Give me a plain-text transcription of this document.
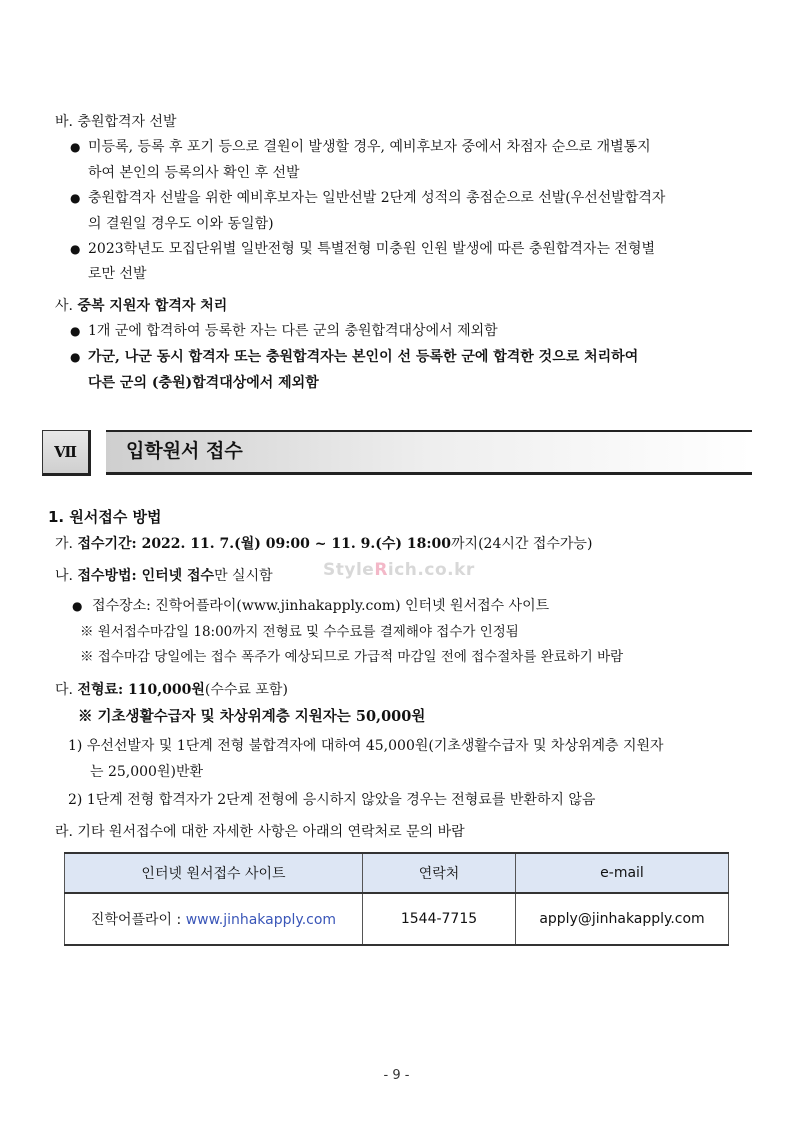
바. 충원합격자 선발
● 미등록, 등록 후 포기 등으로 결원이 발생할 경우, 예비후보자 중에서 차점자 순으로 개별통지
하여 본인의 등록의사 확인 후 선발
● 충원합격자 선발을 위한 예비후보자는 일반선발 2단계 성적의 총점순으로 선발(우선선발합격자
의 결원일 경우도 이와 동일함)
● 2023학년도 모집단위별 일반전형 및 특별전형 미충원 인원 발생에 따른 충원합격자는 전형별
로만 선발
사. 중복 지원자 합격자 처리
● 1개 군에 합격하여 등록한 자는 다른 군의 충원합격대상에서 제외함
● 가군, 나군 동시 합격자 또는 충원합격자는 본인이 선 등록한 군에 합격한 것으로 처리하여
다른 군의 (충원)합격대상에서 제외함
Ⅶ	입학원서 접수
1. 원서접수 방법
가. 접수기간: 2022. 11. 7.(월) 09:00 ~ 11. 9.(수) 18:00까지(24시간 접수가능)
StyleRich.co.kr
나. 접수방법: 인터넷 접수만 실시함
● 접수장소: 진학어플라이(www.jinhakapply.com) 인터넷 원서접수 사이트
※ 원서접수마감일 18:00까지 전형료 및 수수료를 결제해야 접수가 인정됨
※ 접수마감 당일에는 접수 폭주가 예상되므로 가급적 마감일 전에 접수절차를 완료하기 바람
다. 전형료: 110,000원(수수료 포함)
※ 기초생활수급자 및 차상위계층 지원자는 50,000원
1) 우선선발자 및 1단계 전형 불합격자에 대하여 45,000원(기초생활수급자 및 차상위계층 지원자
는 25,000원)반환
2) 1단계 전형 합격자가 2단계 전형에 응시하지 않았을 경우는 전형료를 반환하지 않음
라. 기타 원서접수에 대한 자세한 사항은 아래의 연락처로 문의 바람
인터넷 원서접수 사이트	연락처	e-mail
진학어플라이 : www.jinhakapply.com	1544-7715	apply@jinhakapply.com
- 9 -
